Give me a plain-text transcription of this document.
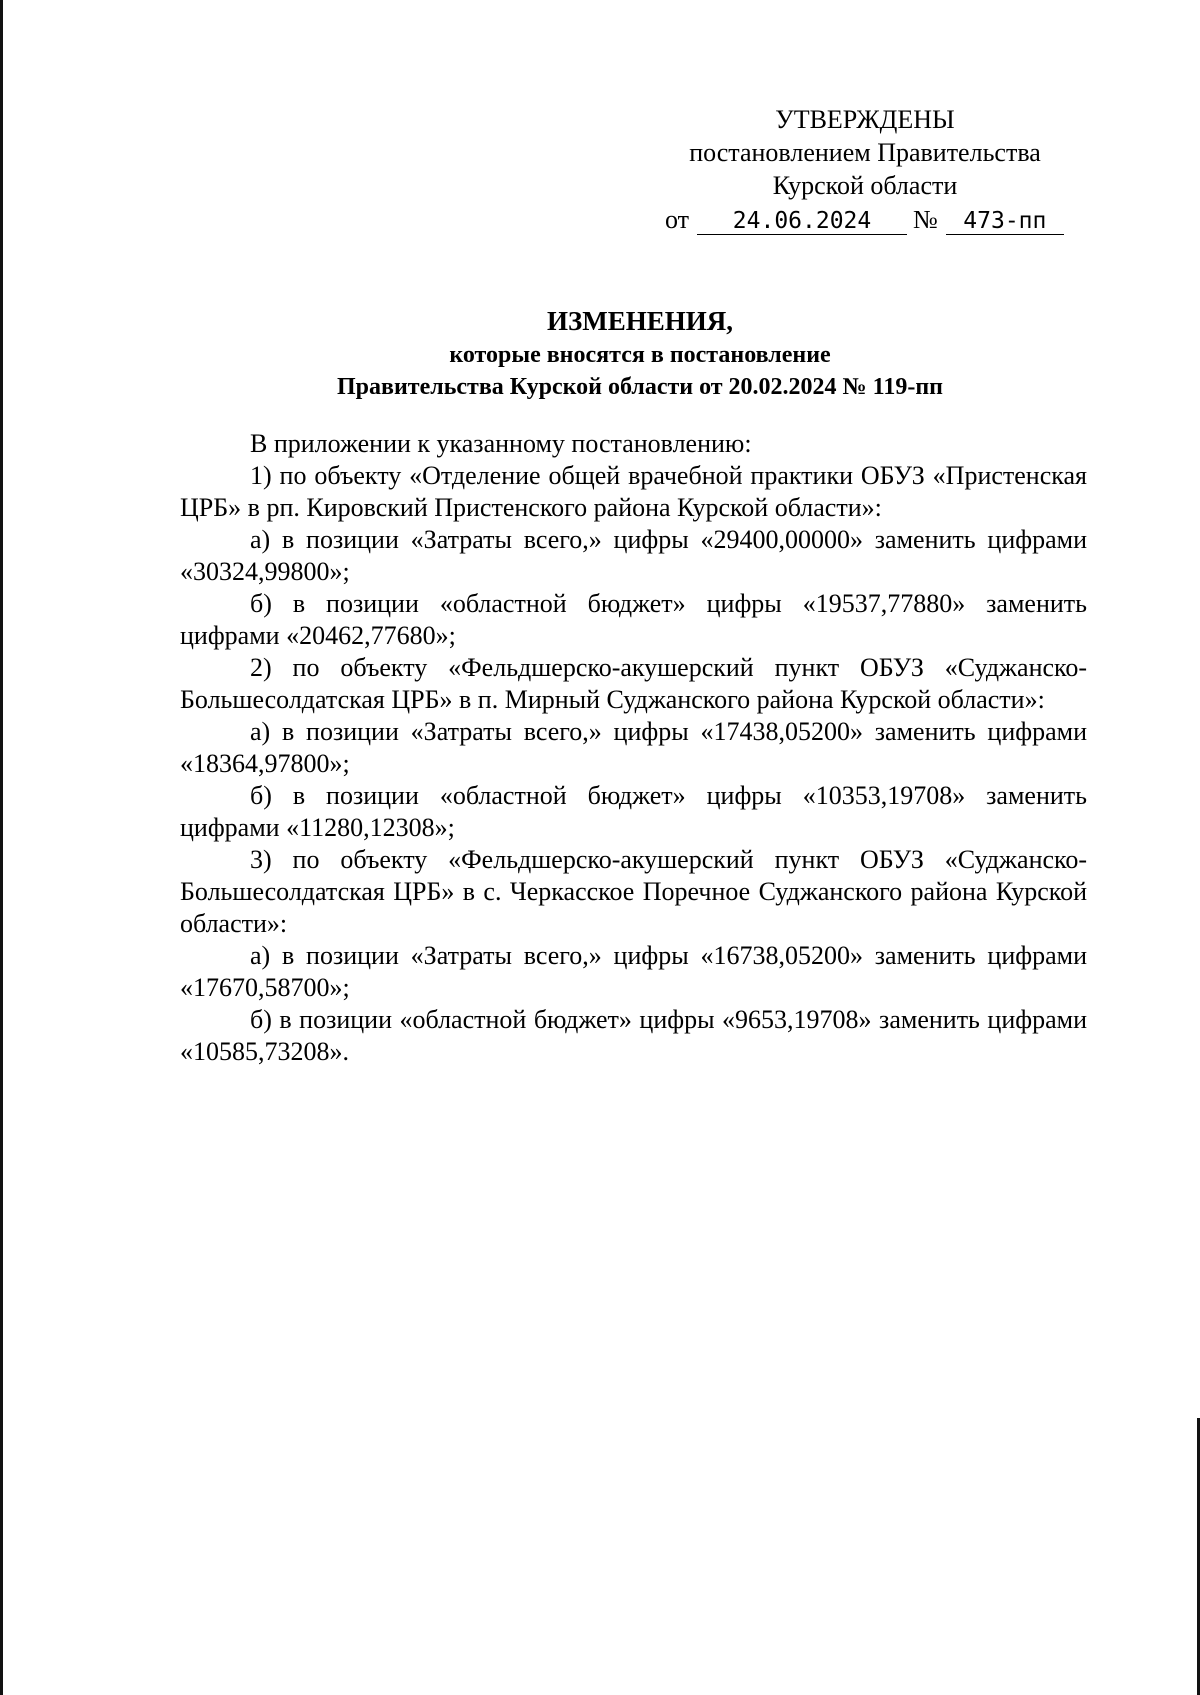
УТВЕРЖДЕНЫ
постановлением Правительства
Курской области
от 24.06.2024 № 473-пп
ИЗМЕНЕНИЯ,
которые вносятся в постановление
Правительства Курской области от 20.02.2024 № 119-пп

В приложении к указанному постановлению:

1) по объекту «Отделение общей врачебной практики ОБУЗ «Пристенская ЦРБ» в рп. Кировский Пристенского района Курской области»:

а) в позиции «Затраты всего,» цифры «29400,00000» заменить цифрами «30324,99800»;

б) в позиции «областной бюджет» цифры «19537,77880» заменить цифрами «20462,77680»;

2) по объекту «Фельдшерско-акушерский пункт ОБУЗ «Суджанско-Большесолдатская ЦРБ» в п. Мирный Суджанского района Курской области»:

а) в позиции «Затраты всего,» цифры «17438,05200» заменить цифрами «18364,97800»;

б) в позиции «областной бюджет» цифры «10353,19708» заменить цифрами «11280,12308»;

3) по объекту «Фельдшерско-акушерский пункт ОБУЗ «Суджанско-Большесолдатская ЦРБ» в с. Черкасское Поречное Суджанского района Курской области»:

а) в позиции «Затраты всего,» цифры «16738,05200» заменить цифрами «17670,58700»;

б) в позиции «областной бюджет» цифры «9653,19708» заменить цифрами «10585,73208».
